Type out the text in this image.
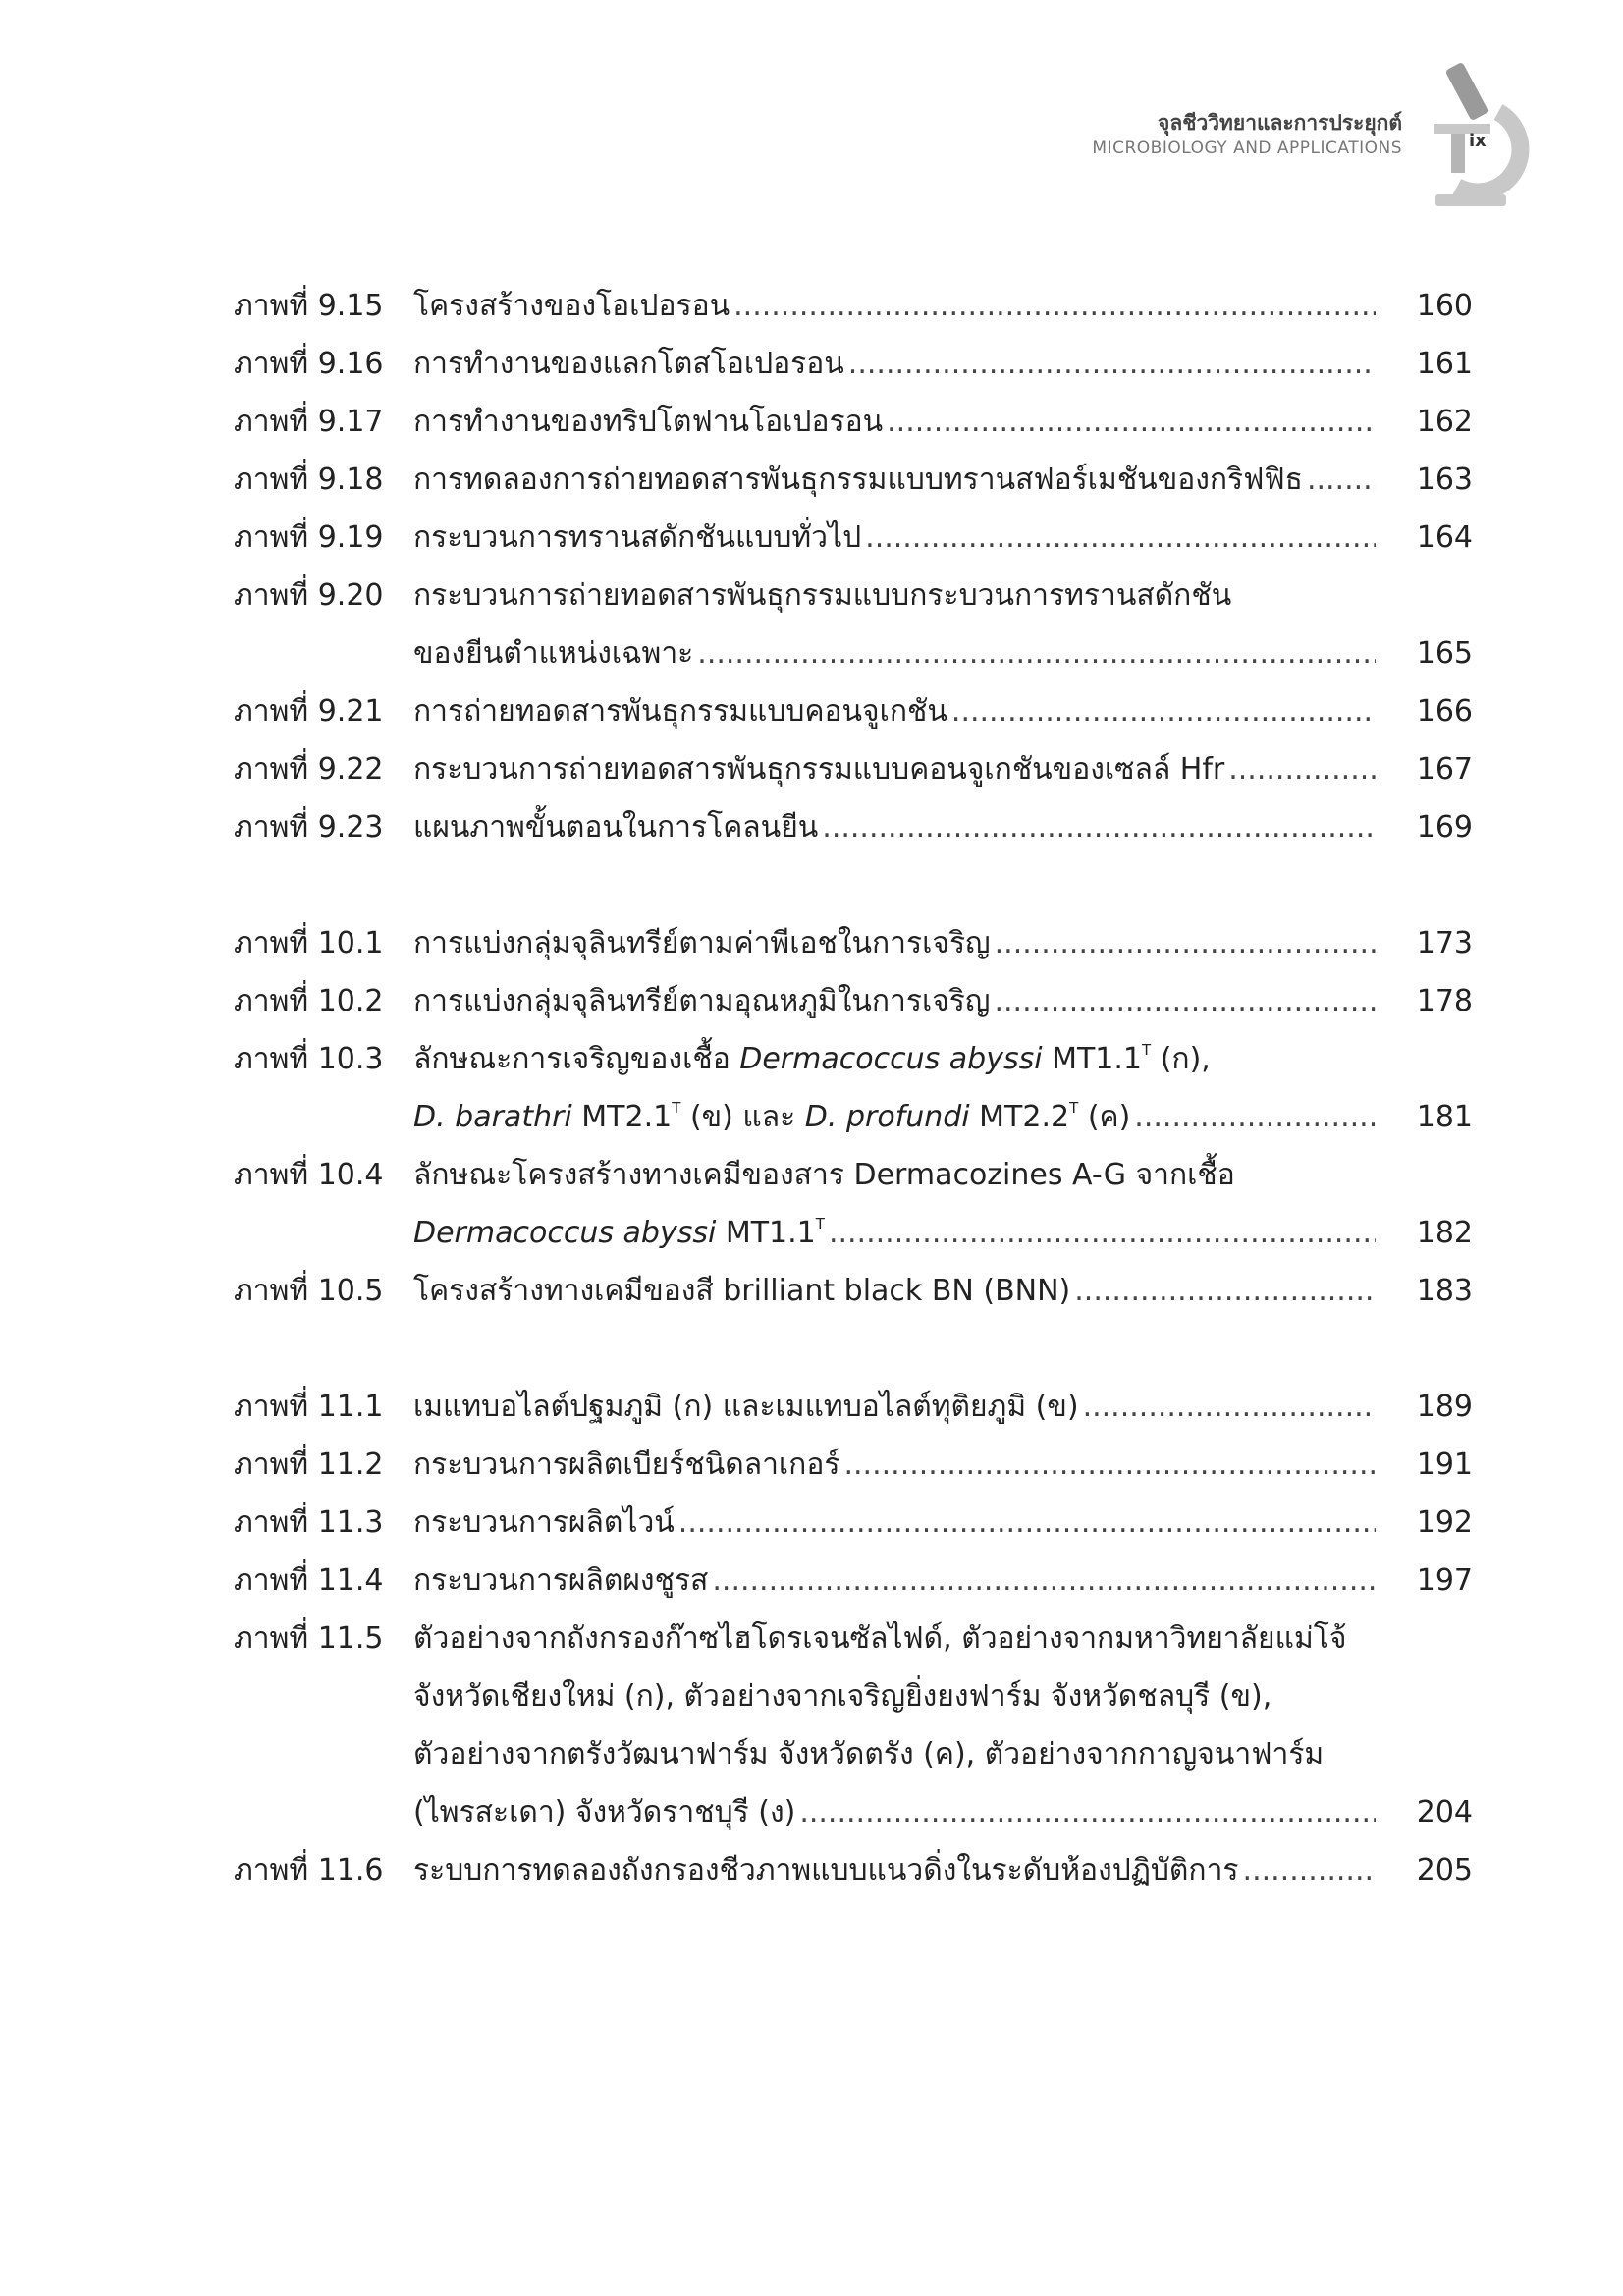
จุลชีววิทยาและการประยุกต์
MICROBIOLOGY AND APPLICATIONS	ix
ภาพที่ 9.15	โครงสร้างของโอเปอรอน .....	160
ภาพที่ 9.16	การทำงานของแลกโตสโอเปอรอน .....	161
ภาพที่ 9.17	การทำงานของทริปโตฟานโอเปอรอน .....	162
ภาพที่ 9.18	การทดลองการถ่ายทอดสารพันธุกรรมแบบทรานสฟอร์เมชันของกริฟฟิธ .....	163
ภาพที่ 9.19	กระบวนการทรานสดักชันแบบทั่วไป .....	164
ภาพที่ 9.20	กระบวนการถ่ายทอดสารพันธุกรรมแบบกระบวนการทรานสดักชัน
ของยีนตำแหน่งเฉพาะ .....	165
ภาพที่ 9.21	การถ่ายทอดสารพันธุกรรมแบบคอนจูเกชัน .....	166
ภาพที่ 9.22	กระบวนการถ่ายทอดสารพันธุกรรมแบบคอนจูเกชันของเซลล์ Hfr .....	167
ภาพที่ 9.23	แผนภาพขั้นตอนในการโคลนยีน .....	169
ภาพที่ 10.1	การแบ่งกลุ่มจุลินทรีย์ตามค่าพีเอชในการเจริญ .....	173
ภาพที่ 10.2	การแบ่งกลุ่มจุลินทรีย์ตามอุณหภูมิในการเจริญ .....	178
ภาพที่ 10.3	ลักษณะการเจริญของเชื้อ Dermacoccus abyssi $MT1.1^T$ (ก),
D. barathri $MT2.1^T$ (ข) และ D. profundi $MT2.2^T$ (ค) .....	181
ภาพที่ 10.4	ลักษณะโครงสร้างทางเคมีของสาร Dermacozines A-G จากเชื้อ
Dermacoccus abyssi $MT1.1^T$ .....	182
ภาพที่ 10.5	โครงสร้างทางเคมีของสี brilliant black BN (BNN) .....	183
ภาพที่ 11.1	เมแทบอไลต์ปฐมภูมิ (ก) และเมแทบอไลต์ทุติยภูมิ (ข) .....	189
ภาพที่ 11.2	กระบวนการผลิตเบียร์ชนิดลาเกอร์ .....	191
ภาพที่ 11.3	กระบวนการผลิตไวน์ .....	192
ภาพที่ 11.4	กระบวนการผลิตผงชูรส .....	197
ภาพที่ 11.5	ตัวอย่างจากถังกรองก๊าซไฮโดรเจนซัลไฟด์, ตัวอย่างจากมหาวิทยาลัยแม่โจ้
จังหวัดเชียงใหม่ (ก), ตัวอย่างจากเจริญยิ่งยงฟาร์ม จังหวัดชลบุรี (ข),
ตัวอย่างจากตรังวัฒนาฟาร์ม จังหวัดตรัง (ค), ตัวอย่างจากกาญจนาฟาร์ม
(ไพรสะเดา) จังหวัดราชบุรี (ง) .....	204
ภาพที่ 11.6	ระบบการทดลองถังกรองชีวภาพแบบแนวดิ่งในระดับห้องปฏิบัติการ .....	205
